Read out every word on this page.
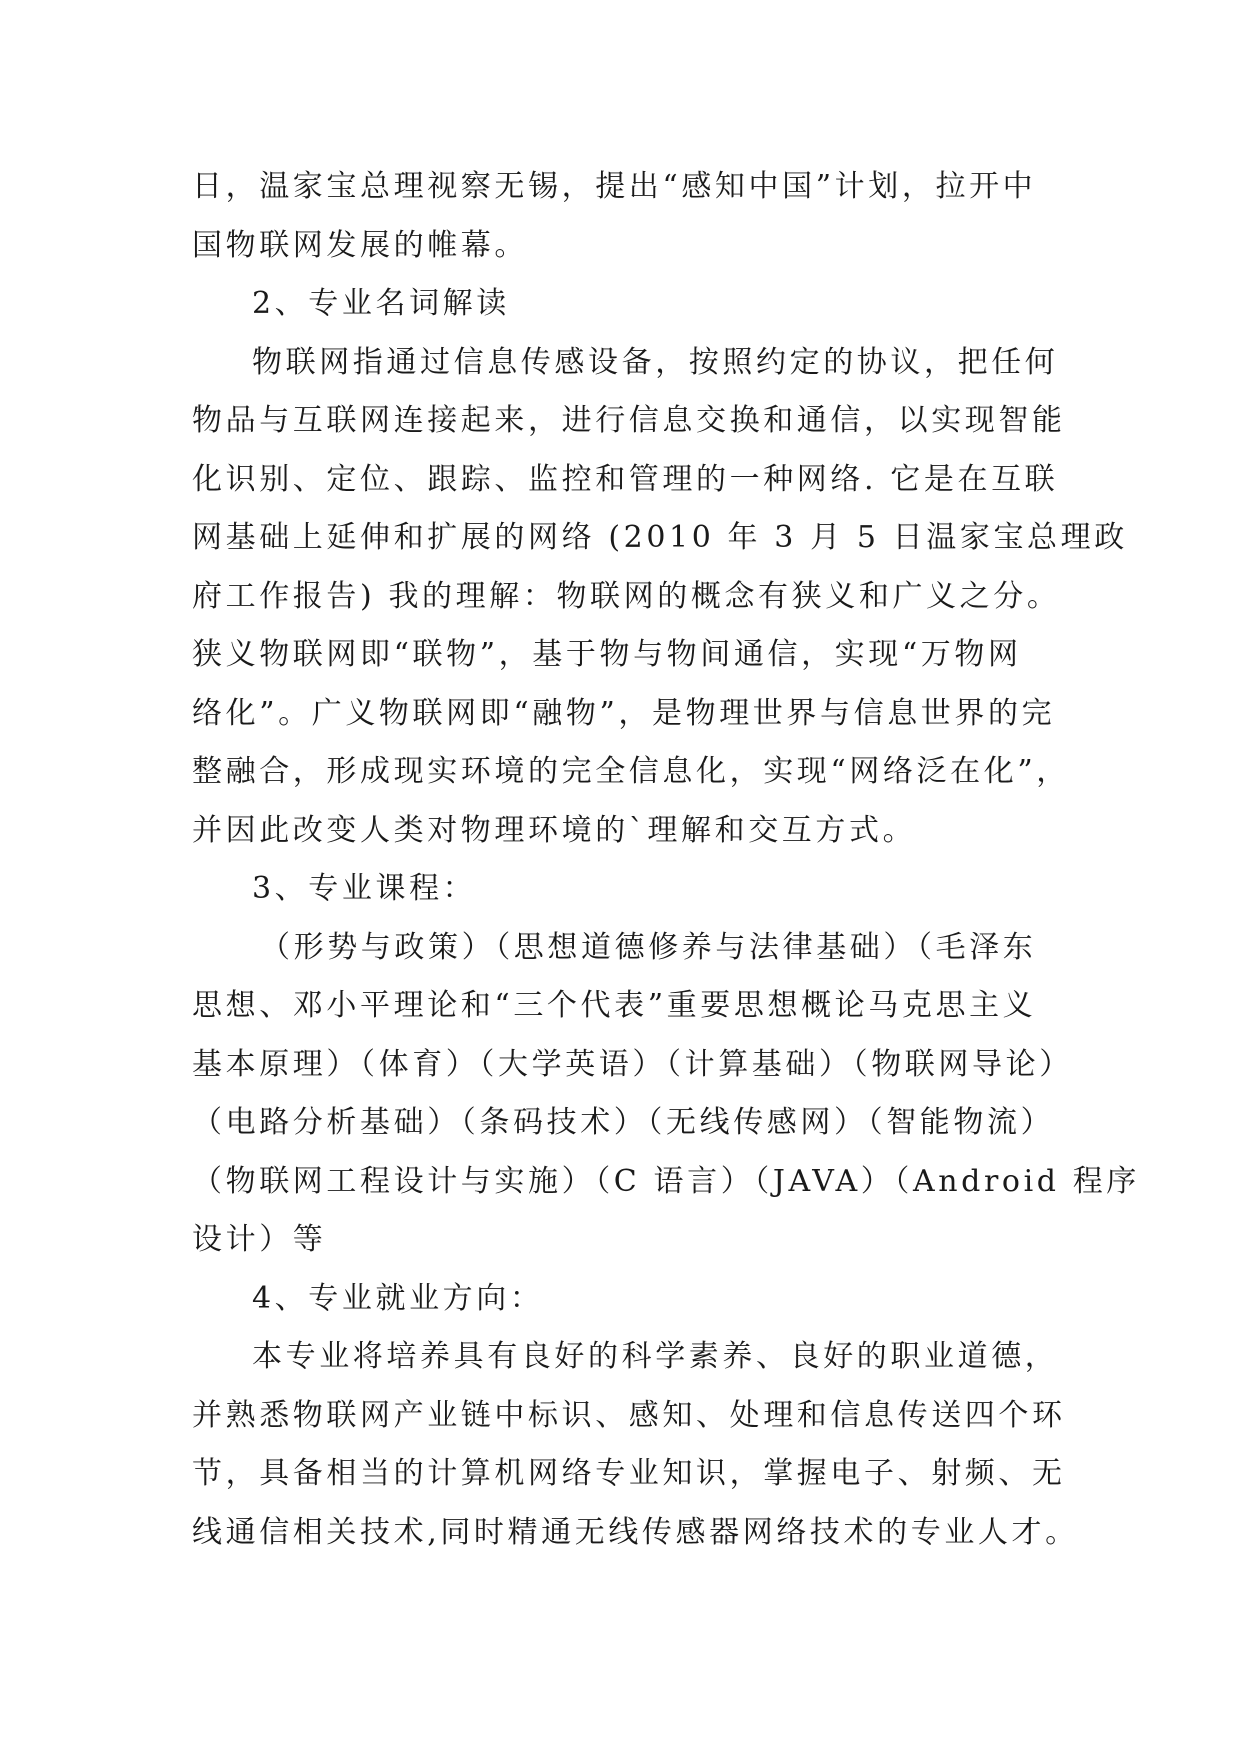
日，温家宝总理视察无锡，提出“感知中国”计划，拉开中
国物联网发展的帷幕。
2、专业名词解读
物联网指通过信息传感设备，按照约定的协议，把任何
物品与互联网连接起来，进行信息交换和通信，以实现智能
化识别、定位、跟踪、监控和管理的一种网络. 它是在互联
网基础上延伸和扩展的网络 (2010 年 3 月 5 日温家宝总理政
府工作报告) 我的理解：物联网的概念有狭义和广义之分。
狭义物联网即“联物”，基于物与物间通信，实现“万物网
络化”。广义物联网即“融物”，是物理世界与信息世界的完
整融合，形成现实环境的完全信息化，实现“网络泛在化”，
并因此改变人类对物理环境的`理解和交互方式。
3、专业课程：
（形势与政策）（思想道德修养与法律基础）（毛泽东
思想、邓小平理论和“三个代表”重要思想概论马克思主义
基本原理）（体育）（大学英语）（计算基础）（物联网导论）
（电路分析基础）（条码技术）（无线传感网）（智能物流）
（物联网工程设计与实施）（C 语言）（JAVA）（Android 程序
设计）等
4、专业就业方向：
本专业将培养具有良好的科学素养、良好的职业道德，
并熟悉物联网产业链中标识、感知、处理和信息传送四个环
节，具备相当的计算机网络专业知识，掌握电子、射频、无
线通信相关技术,同时精通无线传感器网络技术的专业人才。
